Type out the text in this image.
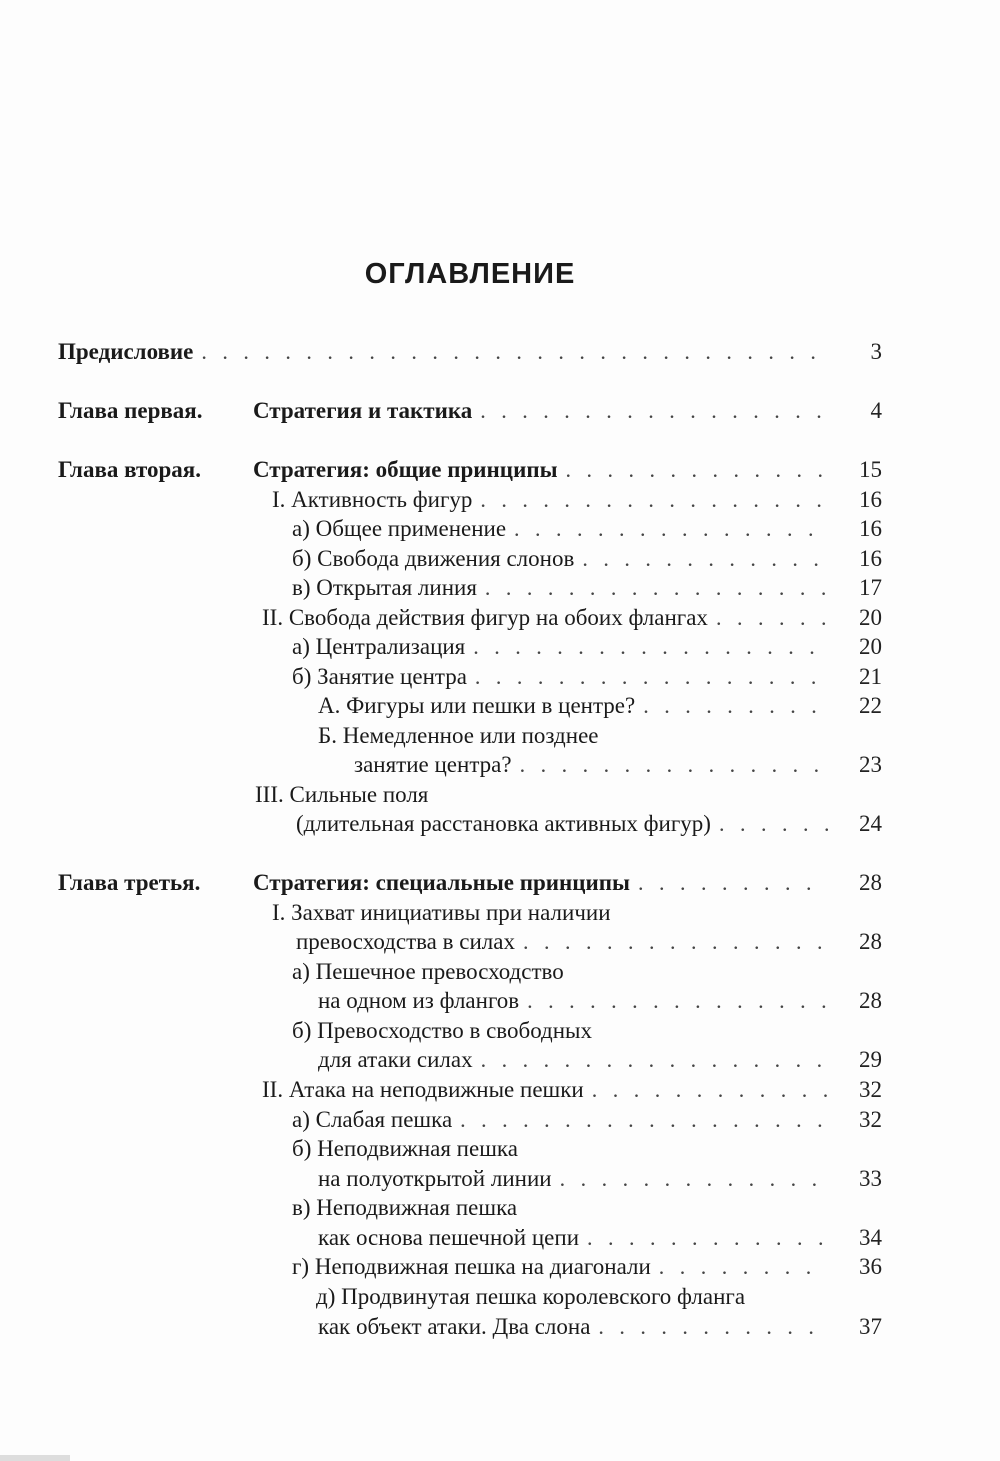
ОГЛАВЛЕНИЕ
Предисловие . . .	3
Глава первая. Стратегия и тактика . . .	4
Глава вторая. Стратегия: общие принципы . . .	15
I. Активность фигур . . .	16
а) Общее применение . . .	16
б) Свобода движения слонов . . .	16
в) Открытая линия . . .	17
II. Свобода действия фигур на обоих флангах . . .	20
а) Централизация . . .	20
б) Занятие центра . . .	21
А. Фигуры или пешки в центре? . . .	22
Б. Немедленное или позднее
занятие центра? . . .	23
III. Сильные поля
(длительная расстановка активных фигур) . . .	24
Глава третья. Стратегия: специальные принципы . . .	28
I. Захват инициативы при наличии
превосходства в силах . . .	28
а) Пешечное превосходство
на одном из флангов . . .	28
б) Превосходство в свободных
для атаки силах . . .	29
II. Атака на неподвижные пешки . . .	32
а) Слабая пешка . . .	32
б) Неподвижная пешка
на полуоткрытой линии . . .	33
в) Неподвижная пешка
как основа пешечной цепи . . .	34
г) Неподвижная пешка на диагонали . . .	36
д) Продвинутая пешка королевского фланга
как объект атаки. Два слона . . .	37
